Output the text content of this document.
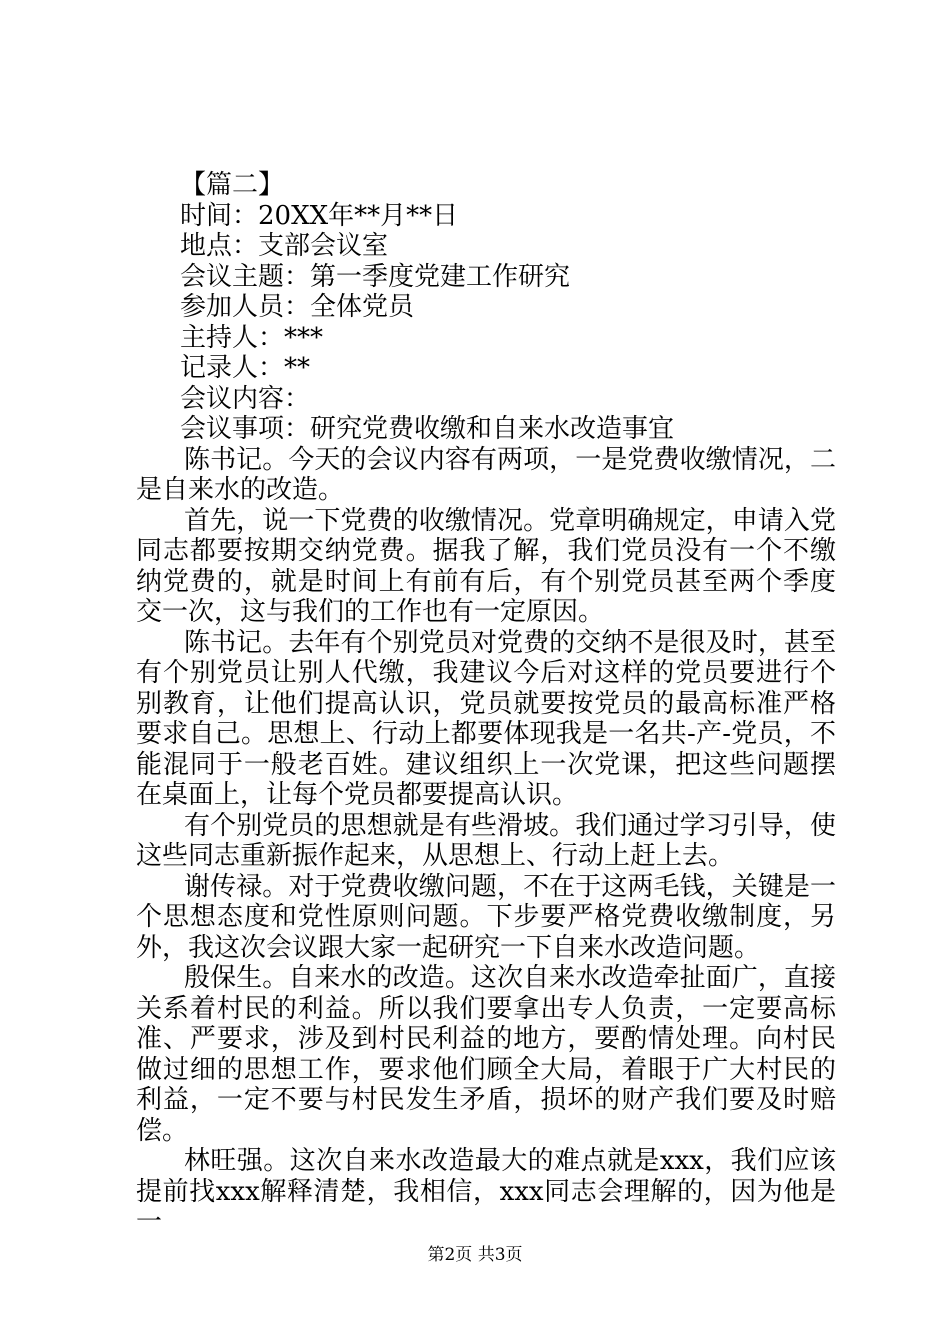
【篇二】
时间：20XX年**月**日
地点：支部会议室
会议主题：第一季度党建工作研究
参加人员：全体党员
主持人：***
记录人：**
会议内容：
会议事项：研究党费收缴和自来水改造事宜

陈书记。今天的会议内容有两项，一是党费收缴情况，二是自来水的改造。

首先，说一下党费的收缴情况。党章明确规定，申请入党同志都要按期交纳党费。据我了解，我们党员没有一个不缴纳党费的，就是时间上有前有后，有个别党员甚至两个季度交一次，这与我们的工作也有一定原因。

陈书记。去年有个别党员对党费的交纳不是很及时，甚至有个别党员让别人代缴，我建议今后对这样的党员要进行个别教育，让他们提高认识，党员就要按党员的最高标准严格要求自己。思想上、行动上都要体现我是一名共-产-党员，不能混同于一般老百姓。建议组织上一次党课，把这些问题摆在桌面上，让每个党员都要提高认识。

有个别党员的思想就是有些滑坡。我们通过学习引导，使这些同志重新振作起来，从思想上、行动上赶上去。

谢传禄。对于党费收缴问题，不在于这两毛钱，关键是一个思想态度和党性原则问题。下步要严格党费收缴制度，另外，我这次会议跟大家一起研究一下自来水改造问题。

殷保生。自来水的改造。这次自来水改造牵扯面广，直接关系着村民的利益。所以我们要拿出专人负责，一定要高标准、严要求，涉及到村民利益的地方，要酌情处理。向村民做过细的思想工作，要求他们顾全大局，着眼于广大村民的利益，一定不要与村民发生矛盾，损坏的财产我们要及时赔偿。

林旺强。这次自来水改造最大的难点就是xxx，我们应该提前找xxx解释清楚，我相信，xxx同志会理解的，因为他是一

第2页 共3页
